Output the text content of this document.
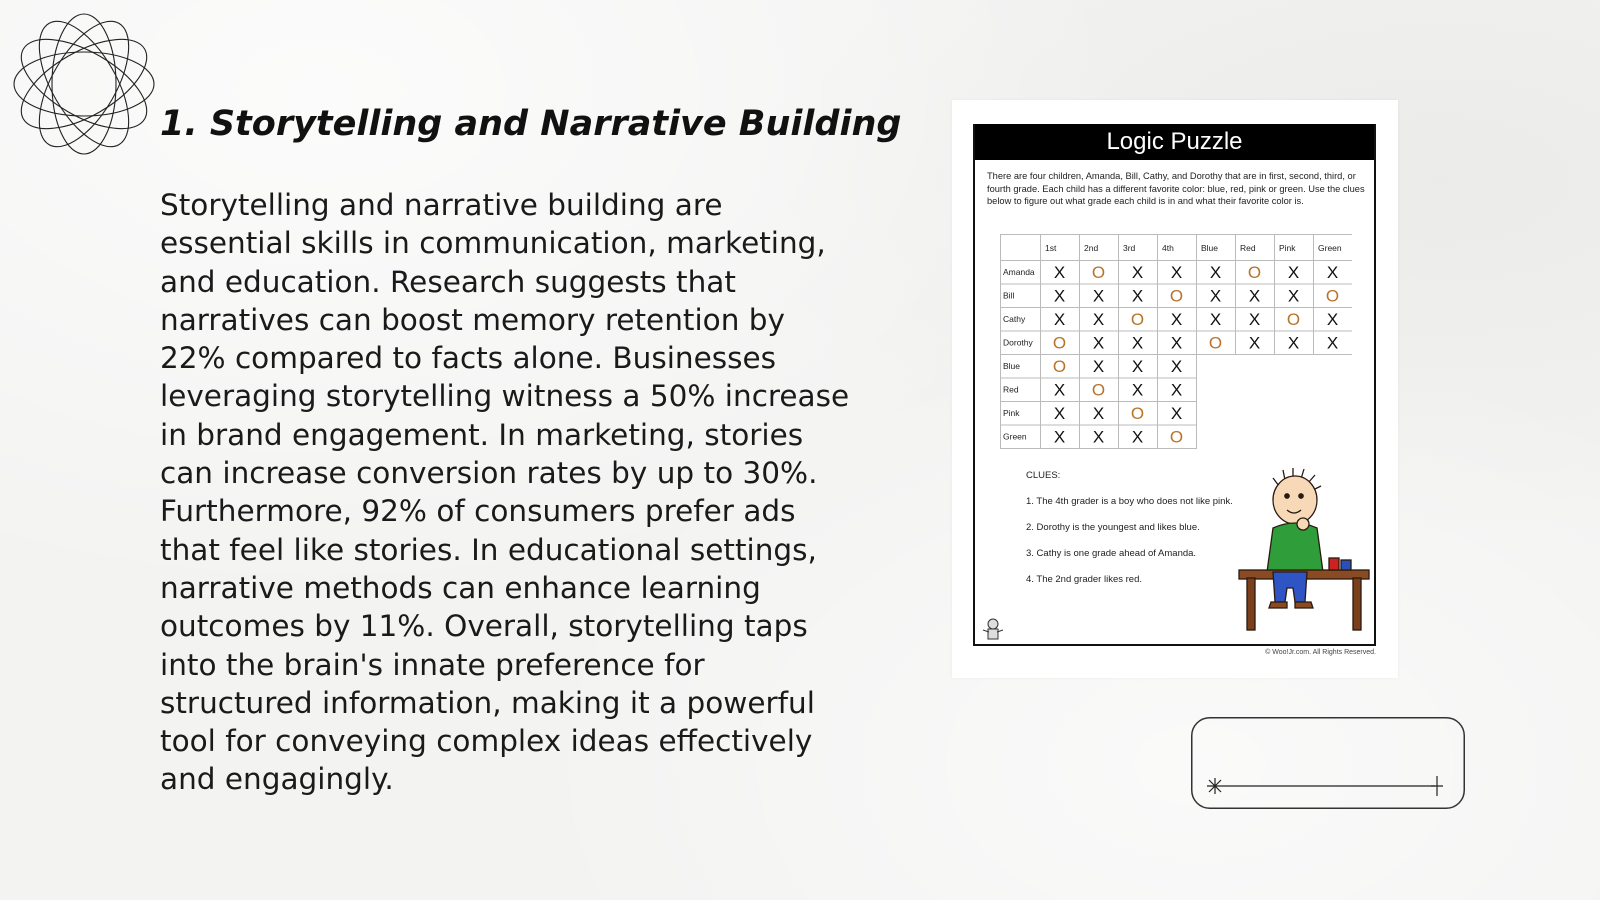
1. Storytelling and Narrative Building
Storytelling and narrative building are essential skills in communication, marketing, and education. Research suggests that narratives can boost memory retention by 22% compared to facts alone. Businesses leveraging storytelling witness a 50% increase in brand engagement. In marketing, stories can increase conversion rates by up to 30%. Furthermore, 92% of consumers prefer ads that feel like stories. In educational settings, narrative methods can enhance learning outcomes by 11%. Overall, storytelling taps into the brain's innate preference for structured information, making it a powerful tool for conveying complex ideas effectively and engagingly.
Logic Puzzle
There are four children, Amanda, Bill, Cathy, and Dorothy that are in first, second, third, or fourth grade. Each child has a different favorite color: blue, red, pink or green. Use the clues below to figure out what grade each child is in and what their favorite color is.
1st	2nd	3rd	4th	Blue	Red	Pink	Green
Amanda X O X X X O X X
Bill X X X O X X X O
Cathy X X O X X X O X
Dorothy O X X X O X X X
Blue O X X X
Red X O X X
Pink X X O X
Green X X X O
CLUES:
1. The 4th grader is a boy who does not like pink.
2. Dorothy is the youngest and likes blue.
3. Cathy is one grade ahead of Amanda.
4. The 2nd grader likes red.
© Woo!Jr.com. All Rights Reserved.
